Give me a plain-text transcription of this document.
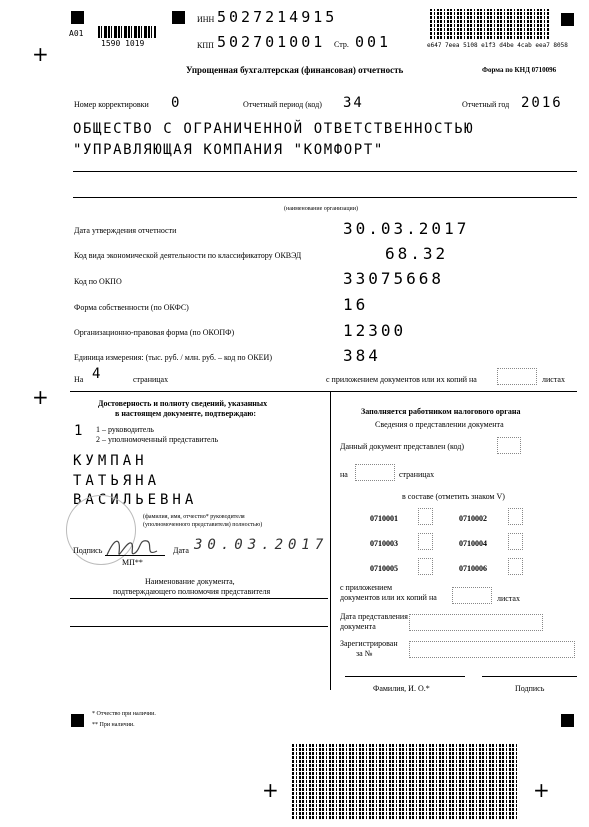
+
+
+	+
A01
1590 1019
ИНН 5027214915
КПП 502701001 Стр. 001	e647 7eea 5108 e1f3 d4be 4cab eea7 8058
Упрощенная бухгалтерская (финансовая) отчетность	Форма по КНД 0710096
Номер корректировки 0	Отчетный период (код) 34	Отчетный год 2016
ОБЩЕСТВО С ОГРАНИЧЕННОЙ ОТВЕТСТВЕННОСТЬЮ
"УПРАВЛЯЮЩАЯ КОМПАНИЯ "КОМФОРТ"
(наименование организации)
Дата утверждения отчетности	30.03.2017
Код вида экономической деятельности по классификатору ОКВЭД	68.32
Код по ОКПО	33075668
Форма собственности (по ОКФС)	16
Организационно-правовая форма (по ОКОПФ)	12300
Единица измерения: (тыс. руб. / млн. руб. – код по ОКЕИ)	384
На 4	страницах	с приложением документов или их копий на	листах
Достоверность и полноту сведений, указанных
в настоящем документе, подтверждаю:
1 1 – руководитель
2 – уполномоченный представитель
КУМПАН
ТАТЬЯНА
ВАСИЛЬЕВНА
(фамилия, имя, отчество* руководителя
(уполномоченного представителя) полностью)
Подпись	Дата 30.03.2017
МП**
Наименование документа,
подтверждающего полномочия представителя
Заполняется работником налогового органа
Сведения о представлении документа
Данный документ представлен (код)
на	страницах
в составе (отметить знаком V)
0710001	0710002
0710003	0710004
0710005	0710006
с приложением
документов или их копий на	листах
Дата представления
документа
Зарегистрирован
за №
Фамилия, И. О.*	Подпись
* Отчество при наличии.
** При наличии.
